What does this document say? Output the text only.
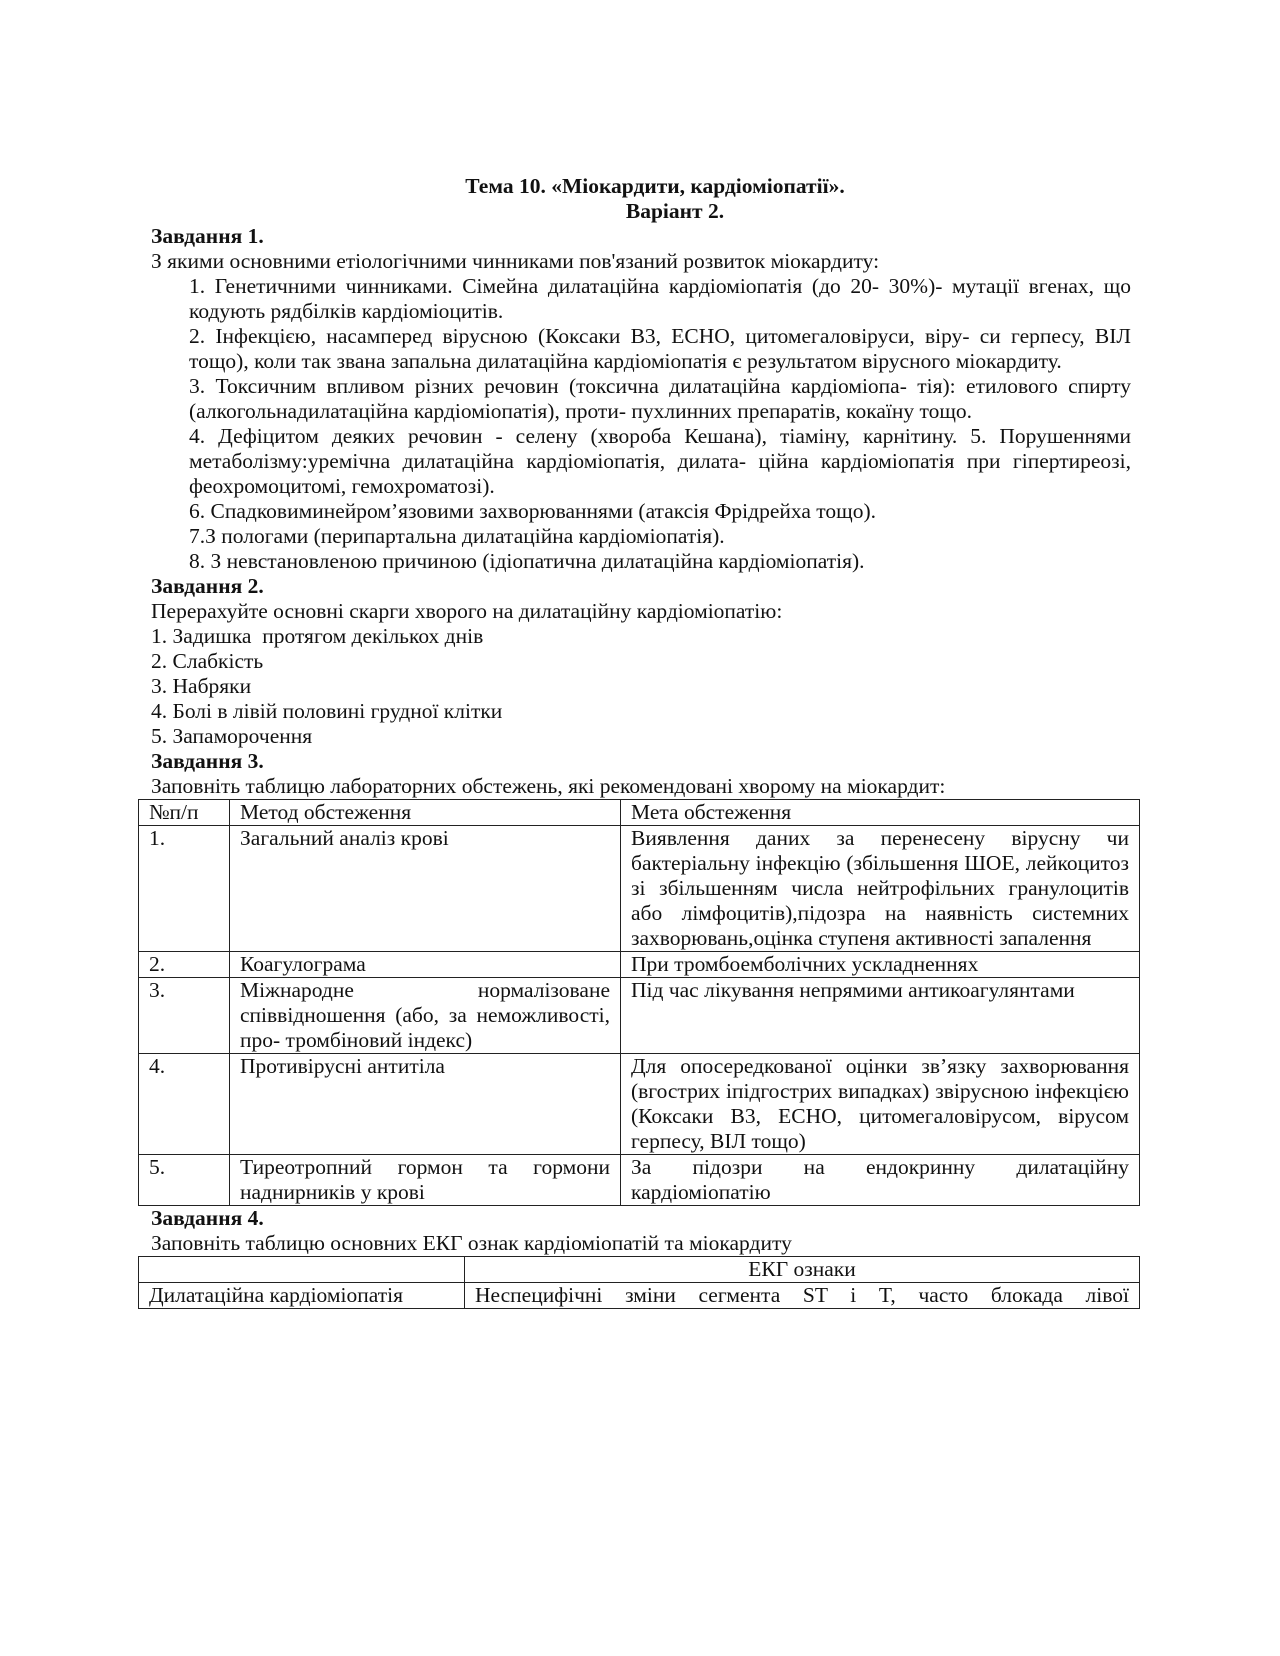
Тема 10. «Міокардити, кардіоміопатії».
Варіант 2.
Завдання 1.
З якими основними етіологічними чинниками пов'язаний розвиток міокардиту:
1. Генетичними чинниками. Сімейна дилатаційна кардіоміопатія (до 20- 30%)- мутації вгенах, що кодують рядбілків кардіоміоцитів.
2. Інфекцією, насамперед вірусною (Коксаки В3, ЕСНО, цитомегаловіруси, віру- си герпесу, ВІЛ тощо), коли так звана запальна дилатаційна кардіоміопатія є результатом вірусного міокардиту.
3. Токсичним впливом різних речовин (токсична дилатаційна кардіоміопа- тія): етилового спирту (алкогольнадилатаційна кардіоміопатія), проти- пухлинних препаратів, кокаїну тощо.
4. Дефіцитом деяких речовин - селену (хвороба Кешана), тіаміну, карнітину. 5. Порушеннями метаболізму:уремічна дилатаційна кардіоміопатія, дилата- ційна кардіоміопатія при гіпертиреозі, феохромоцитомі, гемохроматозі).
6. Спадковиминейром’язовими захворюваннями (атаксія Фрідрейха тощо).
7.З пологами (перипартальна дилатаційна кардіоміопатія).
8. З невстановленою причиною (ідіопатична дилатаційна кардіоміопатія).
Завдання 2.
Перерахуйте основні скарги хворого на дилатаційну кардіоміопатію:
1. Задишка  протягом декількох днів
2. Слабкість
3. Набряки
4. Болі в лівій половині грудної клітки
5. Запаморочення
Завдання 3.
Заповніть таблицю лабораторних обстежень, які рекомендовані хворому на міокардит:
№п/п	Метод обстеження	Мета обстеження
1.	Загальний аналіз крові	Виявлення даних за перенесену вірусну чи бактеріальну інфекцію (збільшення ШОЕ, лейкоцитоз зі збільшенням числа нейтрофільних гранулоцитів або лімфоцитів),підозра на наявність системних захворювань,оцінка ступеня активності запалення
2.	Коагулограма	При тромбоемболічних ускладненнях
3.	Міжнародне нормалізоване співвідношення (або, за неможливості, про- тромбіновий індекс)	Під час лікування непрямими антикоагулянтами
4.	Противірусні антитіла	Для опосередкованої оцінки зв’язку захворювання (вгострих іпідгострих випадках) звірусною інфекцією (Коксаки В3, ЕСНО, цитомегаловірусом, вірусом герпесу, ВІЛ тощо)
5.	Тиреотропний гормон та гормони наднирників у крові	За підозри на ендокринну дилатаційну кардіоміопатію
Завдання 4.
Заповніть таблицю основних ЕКГ ознак кардіоміопатій та міокардиту
	ЕКГ ознаки
Дилатаційна кардіоміопатія	Неспецифічні зміни сегмента ST і T, часто блокада лівої
